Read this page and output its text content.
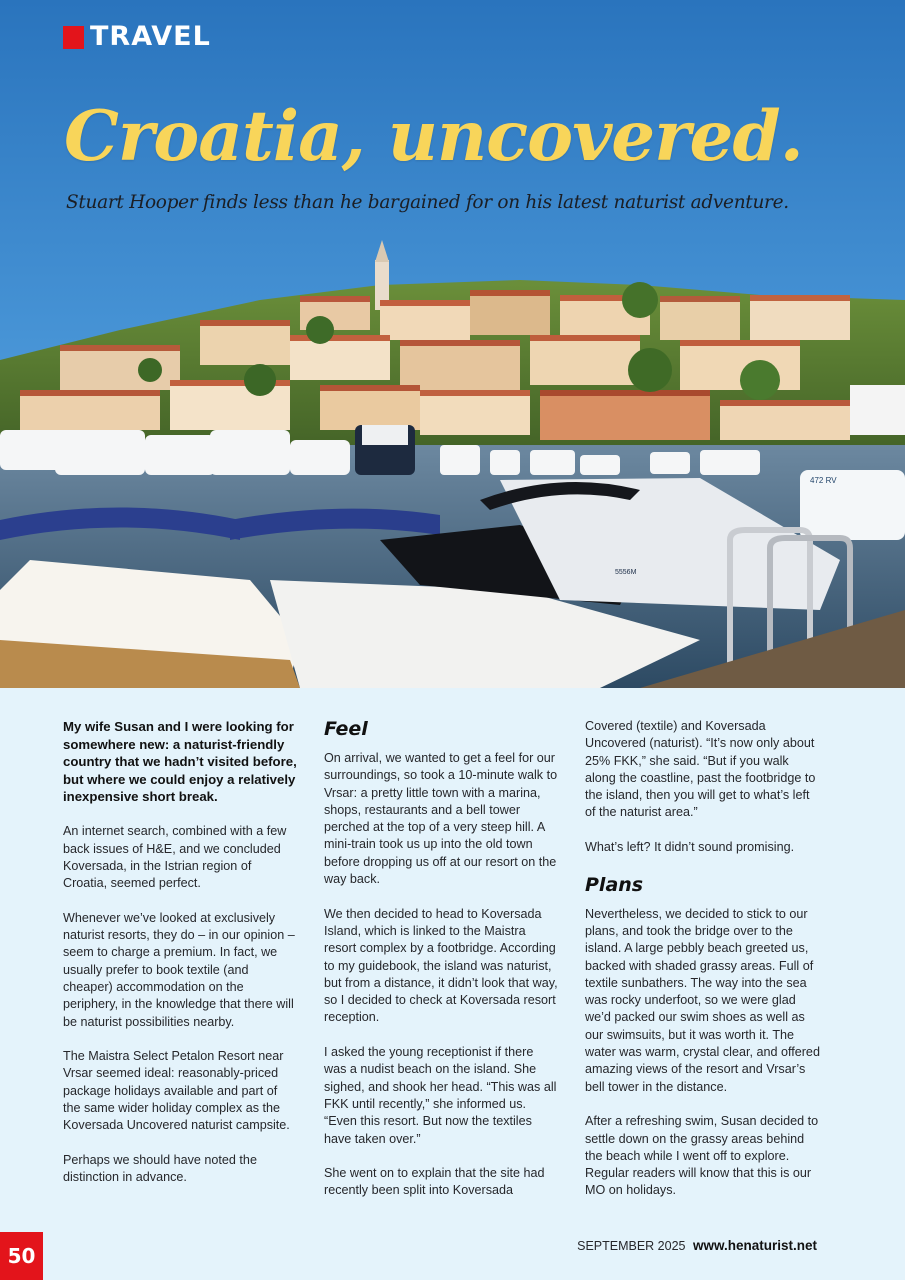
472 RV
5556M
TRAVEL
Croatia, uncovered.
Stuart Hooper finds less than he bargained for on his latest naturist adventure.

My wife Susan and I were looking for somewhere new: a naturist-friendly country that we hadn’t visited before, but where we could enjoy a relatively inexpensive short break.

An internet search, combined with a few back issues of H&E, and we concluded Koversada, in the Istrian region of Croatia, seemed perfect.

Whenever we’ve looked at exclusively naturist resorts, they do – in our opinion – seem to charge a premium. In fact, we usually prefer to book textile (and cheaper) accommodation on the periphery, in the knowledge that there will be naturist possibilities nearby.

The Maistra Select Petalon Resort near Vrsar seemed ideal: reasonably-priced package holidays available and part of the same wider holiday complex as the Koversada Uncovered naturist campsite.

Perhaps we should have noted the distinction in advance.

Feel

On arrival, we wanted to get a feel for our surroundings, so took a 10-minute walk to Vrsar: a pretty little town with a marina, shops, restaurants and a bell tower perched at the top of a very steep hill. A mini-train took us up into the old town before dropping us off at our resort on the way back.

We then decided to head to Koversada Island, which is linked to the Maistra resort complex by a footbridge. According to my guidebook, the island was naturist, but from a distance, it didn’t look that way, so I decided to check at Koversada resort reception.

I asked the young receptionist if there was a nudist beach on the island. She sighed, and shook her head. “This was all FKK until recently,” she informed us. “Even this resort. But now the textiles have taken over.”

She went on to explain that the site had recently been split into Koversada

Covered (textile) and Koversada Uncovered (naturist). “It’s now only about 25% FKK,” she said. “But if you walk along the coastline, past the footbridge to the island, then you will get to what’s left of the naturist area.”

What’s left? It didn’t sound promising.

Plans

Nevertheless, we decided to stick to our plans, and took the bridge over to the island. A large pebbly beach greeted us, backed with shaded grassy areas. Full of textile sunbathers. The way into the sea was rocky underfoot, so we were glad we’d packed our swim shoes as well as our swimsuits, but it was worth it. The water was warm, crystal clear, and offered amazing views of the resort and Vrsar’s bell tower in the distance.

After a refreshing swim, Susan decided to settle down on the grassy areas behind the beach while I went off to explore. Regular readers will know that this is our MO on holidays.

50	SEPTEMBER 2025 www.henaturist.net
